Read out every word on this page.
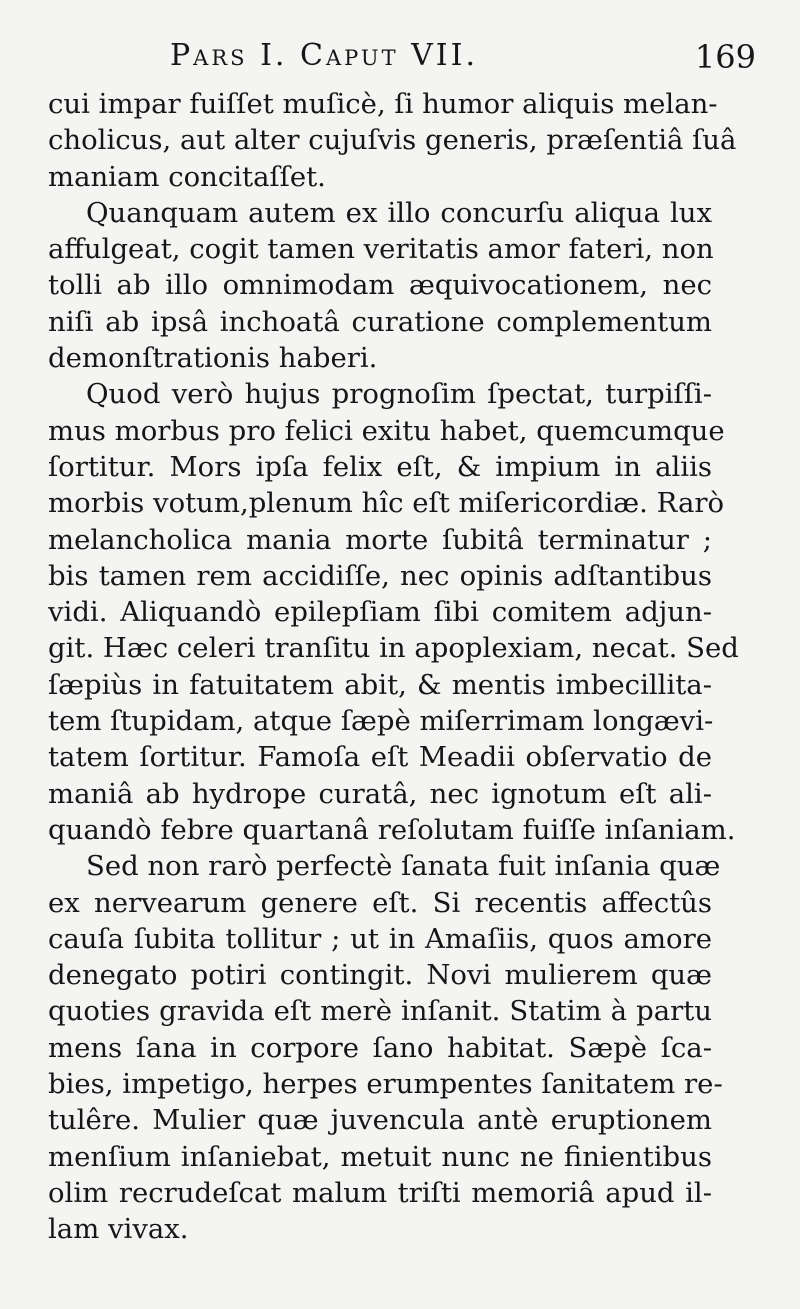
Pars I. Caput VII.	169
cui impar fuiſſet muſicè, ſi humor aliquis melan-
cholicus, aut alter cujuſvis generis, præſentiâ ſuâ
maniam concitaſſet.
Quanquam autem ex illo concurſu aliqua lux
affulgeat, cogit tamen veritatis amor fateri, non
tolli ab illo omnimodam æquivocationem, nec
niſi ab ipsâ inchoatâ curatione complementum
demonſtrationis haberi.
Quod verò hujus prognoſim ſpectat, turpiſſi-
mus morbus pro felici exitu habet, quemcumque
ſortitur. Mors ipſa felix eſt, & impium in aliis
morbis votum,plenum hîc eſt miſericordiæ. Rarò
melancholica mania morte ſubitâ terminatur ;
bis tamen rem accidiſſe, nec opinis adſtantibus
vidi. Aliquandò epilepſiam ſibi comitem adjun-
git. Hæc celeri tranſitu in apoplexiam, necat. Sed
ſæpiùs in fatuitatem abit, & mentis imbecillita-
tem ſtupidam, atque ſæpè miſerrimam longævi-
tatem ſortitur. Famoſa eſt Meadii obſervatio de
maniâ ab hydrope curatâ, nec ignotum eſt ali-
quandò febre quartanâ reſolutam fuiſſe inſaniam.
Sed non rarò perfectè ſanata fuit inſania quæ
ex nervearum genere eſt. Si recentis affectûs
cauſa ſubita tollitur ; ut in Amaſiis, quos amore
denegato potiri contingit. Novi mulierem quæ
quoties gravida eſt merè inſanit. Statim à partu
mens ſana in corpore ſano habitat. Sæpè ſca-
bies, impetigo, herpes erumpentes ſanitatem re-
tulêre. Mulier quæ juvencula antè eruptionem
menſium inſaniebat, metuit nunc ne finientibus
olim recrudeſcat malum triſti memoriâ apud il-
lam vivax.
